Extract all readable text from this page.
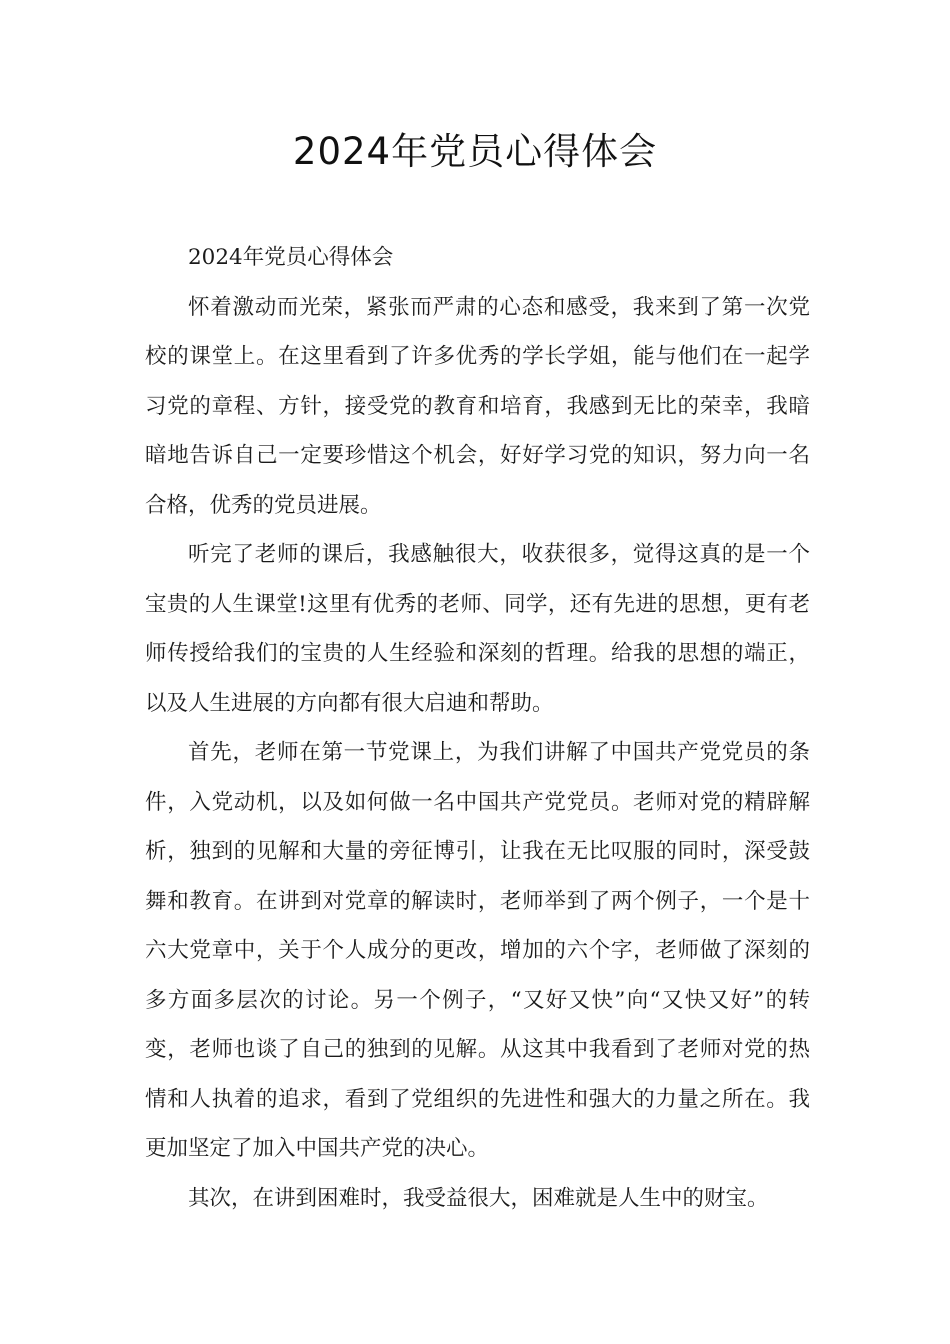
2024年党员心得体会

2024年党员心得体会

怀着激动而光荣，紧张而严肃的心态和感受，我来到了第一次党校的课堂上。在这里看到了许多优秀的学长学姐，能与他们在一起学习党的章程、方针，接受党的教育和培育，我感到无比的荣幸，我暗暗地告诉自己一定要珍惜这个机会，好好学习党的知识，努力向一名合格，优秀的党员进展。

听完了老师的课后，我感触很大，收获很多，觉得这真的是一个宝贵的人生课堂!这里有优秀的老师、同学，还有先进的思想，更有老师传授给我们的宝贵的人生经验和深刻的哲理。给我的思想的端正，以及人生进展的方向都有很大启迪和帮助。

首先，老师在第一节党课上，为我们讲解了中国共产党党员的条件，入党动机，以及如何做一名中国共产党党员。老师对党的精辟解析，独到的见解和大量的旁征博引，让我在无比叹服的同时，深受鼓舞和教育。在讲到对党章的解读时，老师举到了两个例子，一个是十六大党章中，关于个人成分的更改，增加的六个字，老师做了深刻的多方面多层次的讨论。另一个例子，“又好又快”向“又快又好”的转变，老师也谈了自己的独到的见解。从这其中我看到了老师对党的热情和人执着的追求，看到了党组织的先进性和强大的力量之所在。我更加坚定了加入中国共产党的决心。

其次，在讲到困难时，我受益很大，困难就是人生中的财宝。
